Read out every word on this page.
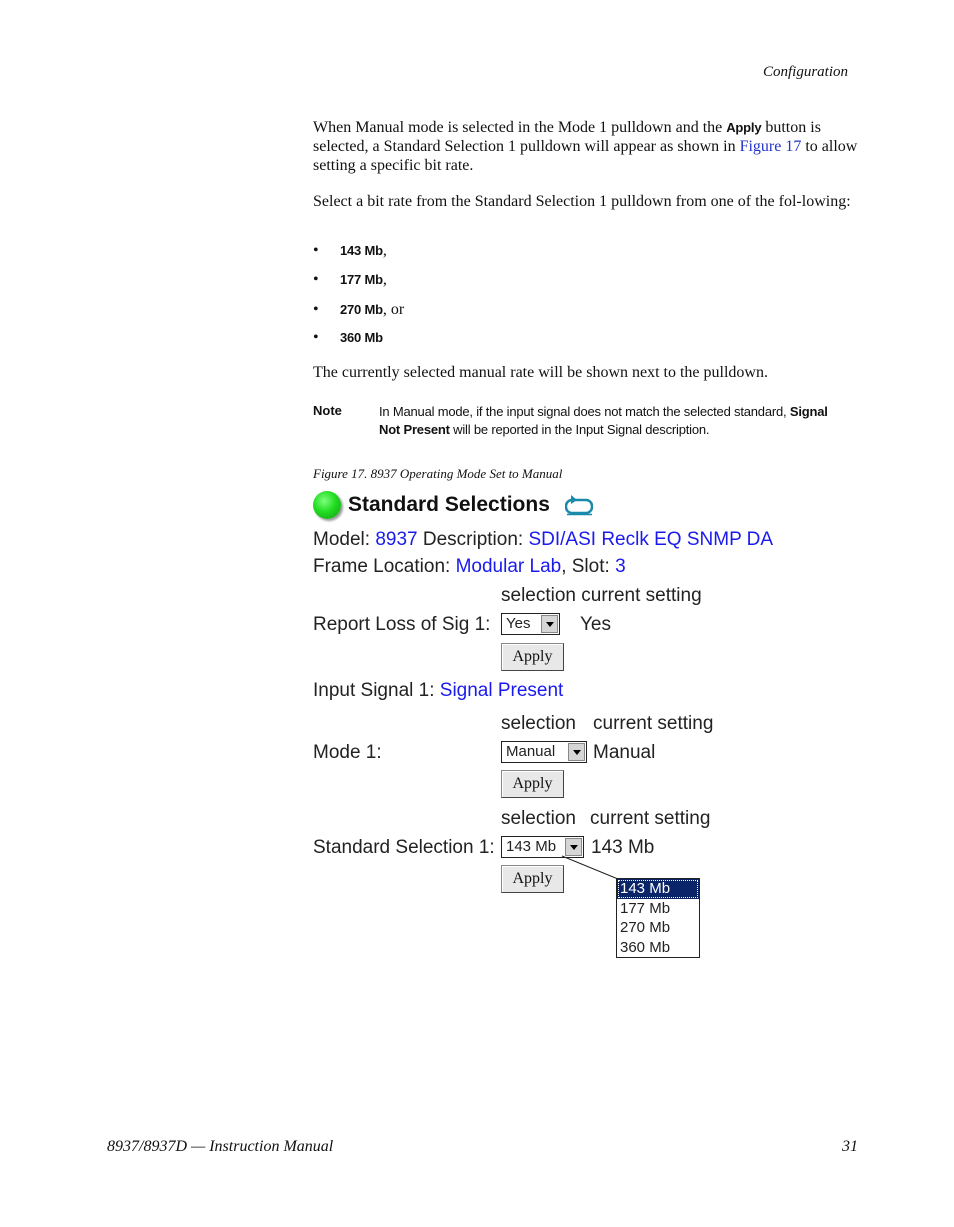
Configuration
When Manual mode is selected in the Mode 1 pulldown and the Apply button is selected, a Standard Selection 1 pulldown will appear as shown in Figure 17 to allow setting a specific bit rate.
Select a bit rate from the Standard Selection 1 pulldown from one of the fol-lowing:
• 143 Mb,
• 177 Mb,
• 270 Mb, or
• 360 Mb
The currently selected manual rate will be shown next to the pulldown.
Note	In Manual mode, if the input signal does not match the selected standard, Signal Not Present will be reported in the Input Signal description.
Figure 17. 8937 Operating Mode Set to Manual
Standard Selections
Model: 8937 Description: SDI/ASI Reclk EQ SNMP DA
Frame Location: Modular Lab, Slot: 3
selection current setting
Report Loss of Sig 1:	Yes	Yes
Apply
Input Signal 1: Signal Present
selection current setting
Mode 1:	Manual	Manual
Apply
selection current setting
Standard Selection 1: 143 Mb	143 Mb
Apply
143 Mb
177 Mb
270 Mb
360 Mb
8937/8937D — Instruction Manual	31
